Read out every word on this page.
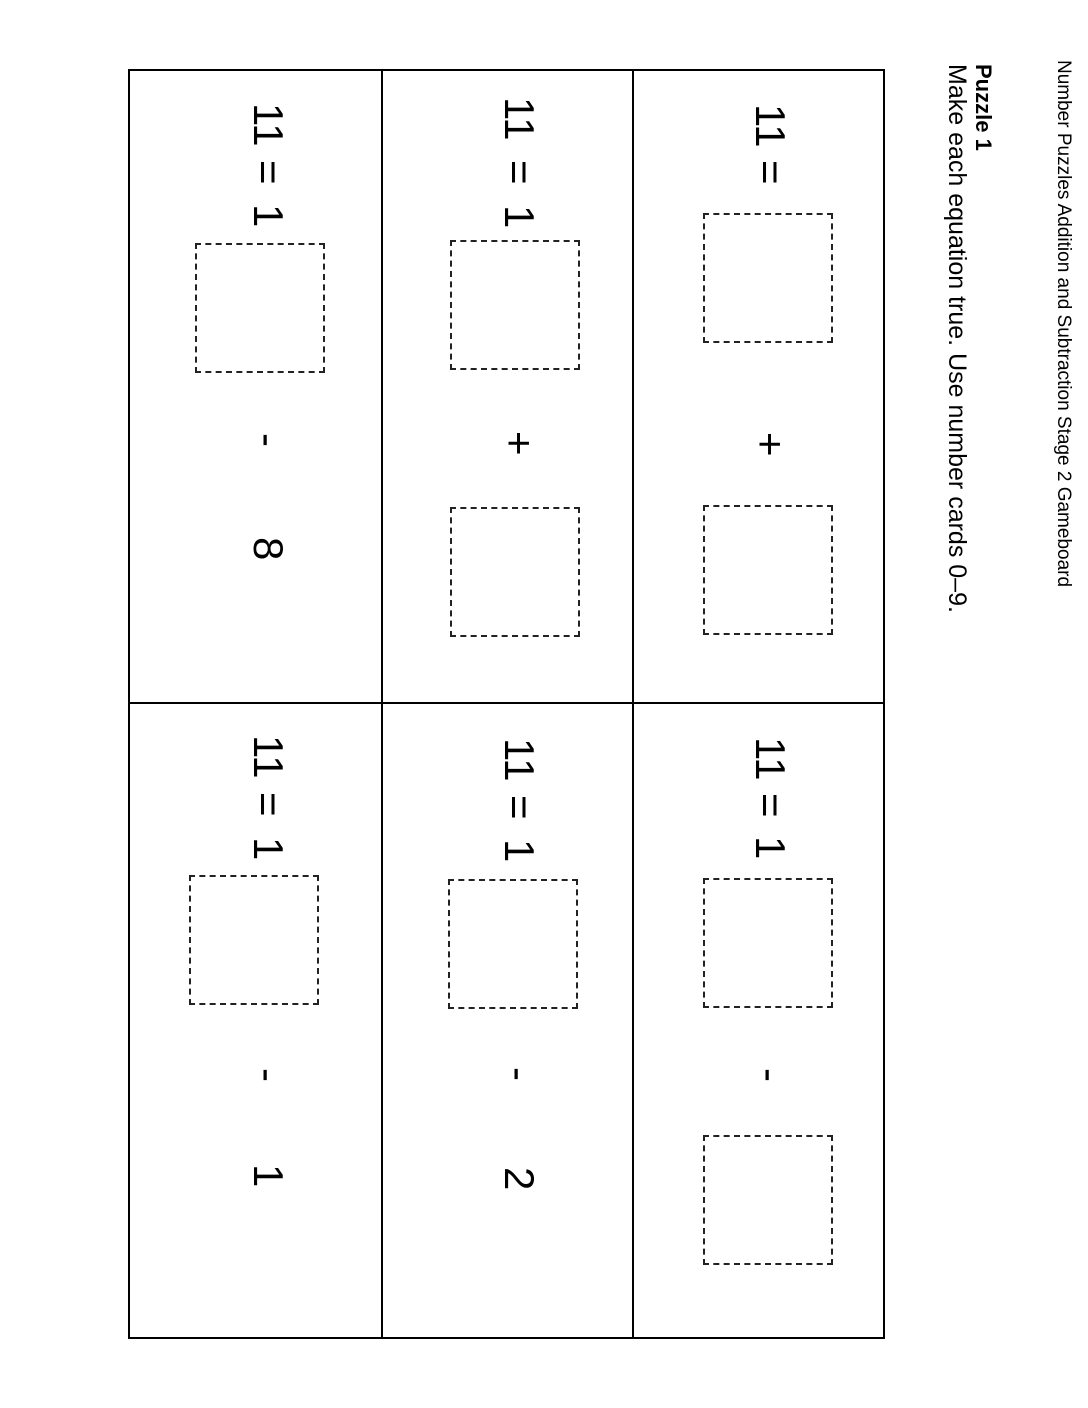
Number Puzzles Addition and Subtraction Stage 2 Gameboard
Puzzle 1
Make each equation true. Use number cards 0–9.
11
=
+
11
=
1
-
11
=
1
+
11
=
1
-
2
11
=
1
-
8
11
=
1
-
1
